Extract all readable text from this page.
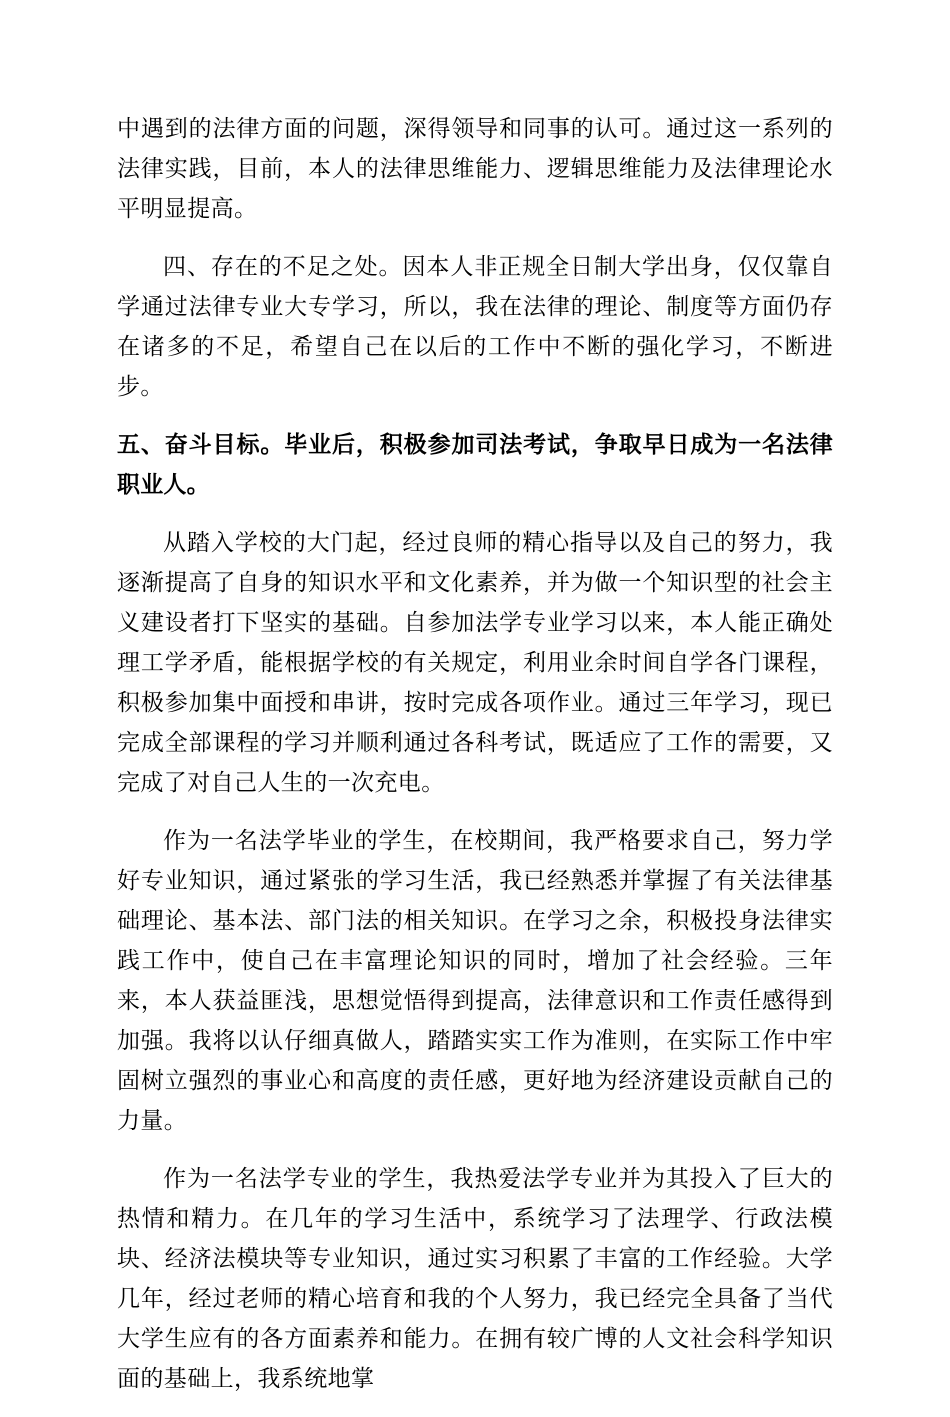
中遇到的法律方面的问题，深得领导和同事的认可。通过这一系列的法律实践，目前，本人的法律思维能力、逻辑思维能力及法律理论水平明显提高。

四、存在的不足之处。因本人非正规全日制大学出身，仅仅靠自学通过法律专业大专学习，所以，我在法律的理论、制度等方面仍存在诸多的不足，希望自己在以后的工作中不断的强化学习，不断进步。

五、奋斗目标。毕业后，积极参加司法考试，争取早日成为一名法律职业人。

从踏入学校的大门起，经过良师的精心指导以及自己的努力，我逐渐提高了自身的知识水平和文化素养，并为做一个知识型的社会主义建设者打下坚实的基础。自参加法学专业学习以来，本人能正确处理工学矛盾，能根据学校的有关规定，利用业余时间自学各门课程，积极参加集中面授和串讲，按时完成各项作业。通过三年学习，现已完成全部课程的学习并顺利通过各科考试，既适应了工作的需要，又完成了对自己人生的一次充电。

作为一名法学毕业的学生，在校期间，我严格要求自己，努力学好专业知识，通过紧张的学习生活，我已经熟悉并掌握了有关法律基础理论、基本法、部门法的相关知识。在学习之余，积极投身法律实践工作中，使自己在丰富理论知识的同时，增加了社会经验。三年来，本人获益匪浅，思想觉悟得到提高，法律意识和工作责任感得到加强。我将以认仔细真做人，踏踏实实工作为准则，在实际工作中牢固树立强烈的事业心和高度的责任感，更好地为经济建设贡献自己的力量。

作为一名法学专业的学生，我热爱法学专业并为其投入了巨大的热情和精力。在几年的学习生活中，系统学习了法理学、行政法模块、经济法模块等专业知识，通过实习积累了丰富的工作经验。大学几年，经过老师的精心培育和我的个人努力，我已经完全具备了当代大学生应有的各方面素养和能力。在拥有较广博的人文社会科学知识面的基础上，我系统地掌
